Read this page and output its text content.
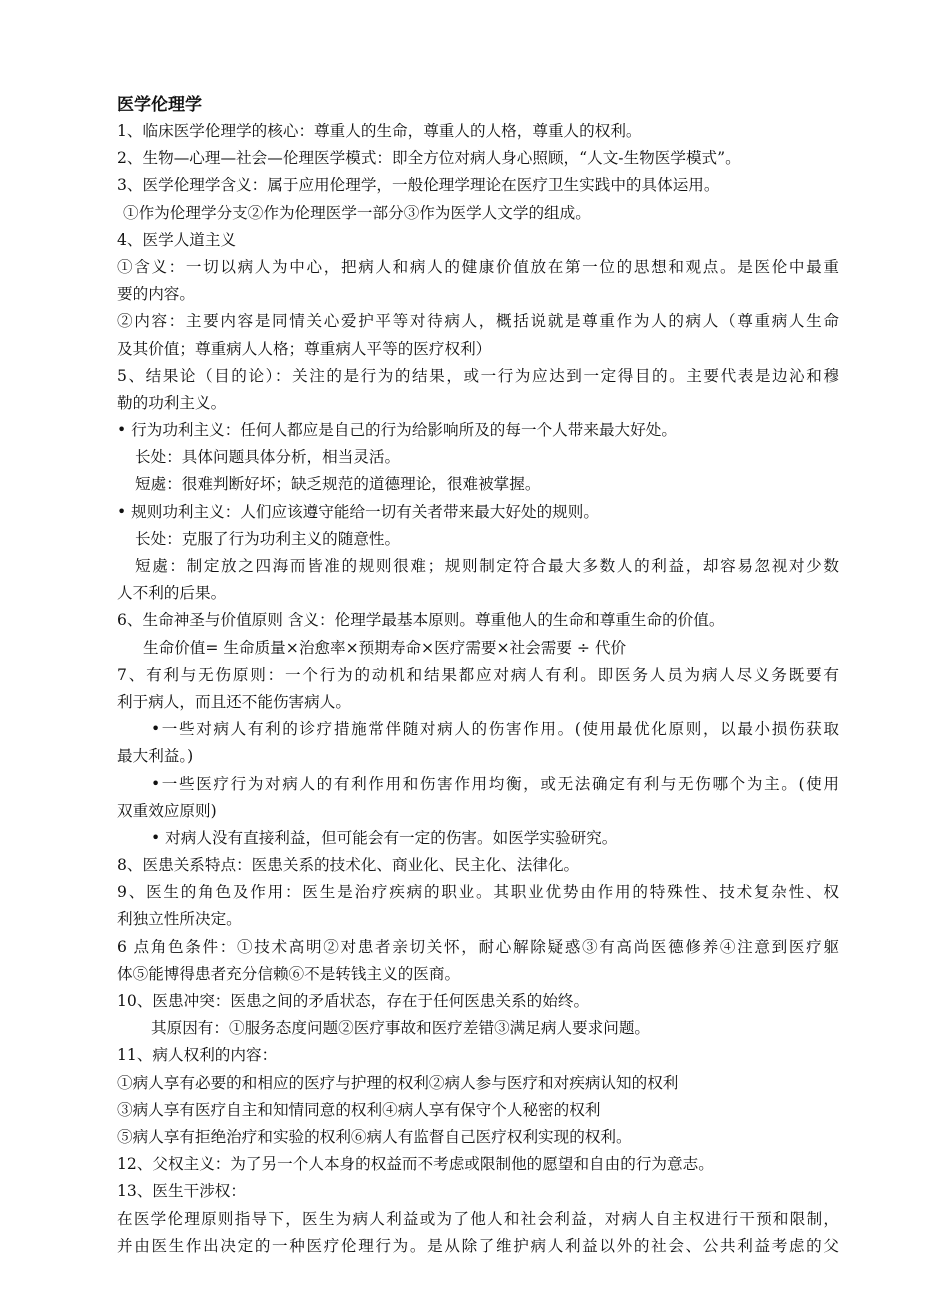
医学伦理学
1、临床医学伦理学的核心：尊重人的生命，尊重人的人格，尊重人的权利。
2、生物—心理—社会—伦理医学模式：即全方位对病人身心照顾，“人文-生物医学模式”。
3、医学伦理学含义：属于应用伦理学，一般伦理学理论在医疗卫生实践中的具体运用。
①作为伦理学分支②作为伦理医学一部分③作为医学人文学的组成。
4、医学人道主义
①含义：一切以病人为中心，把病人和病人的健康价值放在第一位的思想和观点。是医伦中最重
要的内容。
②内容：主要内容是同情关心爱护平等对待病人，概括说就是尊重作为人的病人（尊重病人生命
及其价值；尊重病人人格；尊重病人平等的医疗权利）
5、结果论（目的论）：关注的是行为的结果，或一行为应达到一定得目的。主要代表是边沁和穆
勒的功利主义。
• 行为功利主义：任何人都应是自己的行为给影响所及的每一个人带来最大好处。
长处：具体问题具体分析，相当灵活。
短處：很难判断好坏；缺乏规范的道德理论，很难被掌握。
• 规则功利主义：人们应该遵守能给一切有关者带来最大好处的规则。
长处：克服了行为功利主义的随意性。
短處：制定放之四海而皆准的规则很难；规则制定符合最大多数人的利益，却容易忽视对少数
人不利的后果。
6、生命神圣与价值原则 含义：伦理学最基本原则。尊重他人的生命和尊重生命的价值。
生命价值= 生命质量×治愈率×预期寿命×医疗需要×社会需要 ÷ 代价
7、有利与无伤原则：一个行为的动机和结果都应对病人有利。即医务人员为病人尽义务既要有
利于病人，而且还不能伤害病人。
•一些对病人有利的诊疗措施常伴随对病人的伤害作用。(使用最优化原则，以最小损伤获取
最大利益。)
•一些医疗行为对病人的有利作用和伤害作用均衡，或无法确定有利与无伤哪个为主。(使用
双重效应原则)
• 对病人没有直接利益，但可能会有一定的伤害。如医学实验研究。
8、医患关系特点：医患关系的技术化、商业化、民主化、法律化。
9、医生的角色及作用：医生是治疗疾病的职业。其职业优势由作用的特殊性、技术复杂性、权
利独立性所决定。
6 点角色条件：①技术高明②对患者亲切关怀，耐心解除疑惑③有高尚医德修养④注意到医疗躯
体⑤能博得患者充分信赖⑥不是转钱主义的医商。
10、医患冲突：医患之间的矛盾状态，存在于任何医患关系的始终。
其原因有：①服务态度问题②医疗事故和医疗差错③满足病人要求问题。
11、病人权利的内容：
①病人享有必要的和相应的医疗与护理的权利②病人参与医疗和对疾病认知的权利
③病人享有医疗自主和知情同意的权利④病人享有保守个人秘密的权利
⑤病人享有拒绝治疗和实验的权利⑥病人有监督自己医疗权利实现的权利。
12、父权主义：为了另一个人本身的权益而不考虑或限制他的愿望和自由的行为意志。
13、医生干涉权：
在医学伦理原则指导下，医生为病人利益或为了他人和社会利益，对病人自主权进行干预和限制，
并由医生作出决定的一种医疗伦理行为。是从除了维护病人利益以外的社会、公共利益考虑的父
